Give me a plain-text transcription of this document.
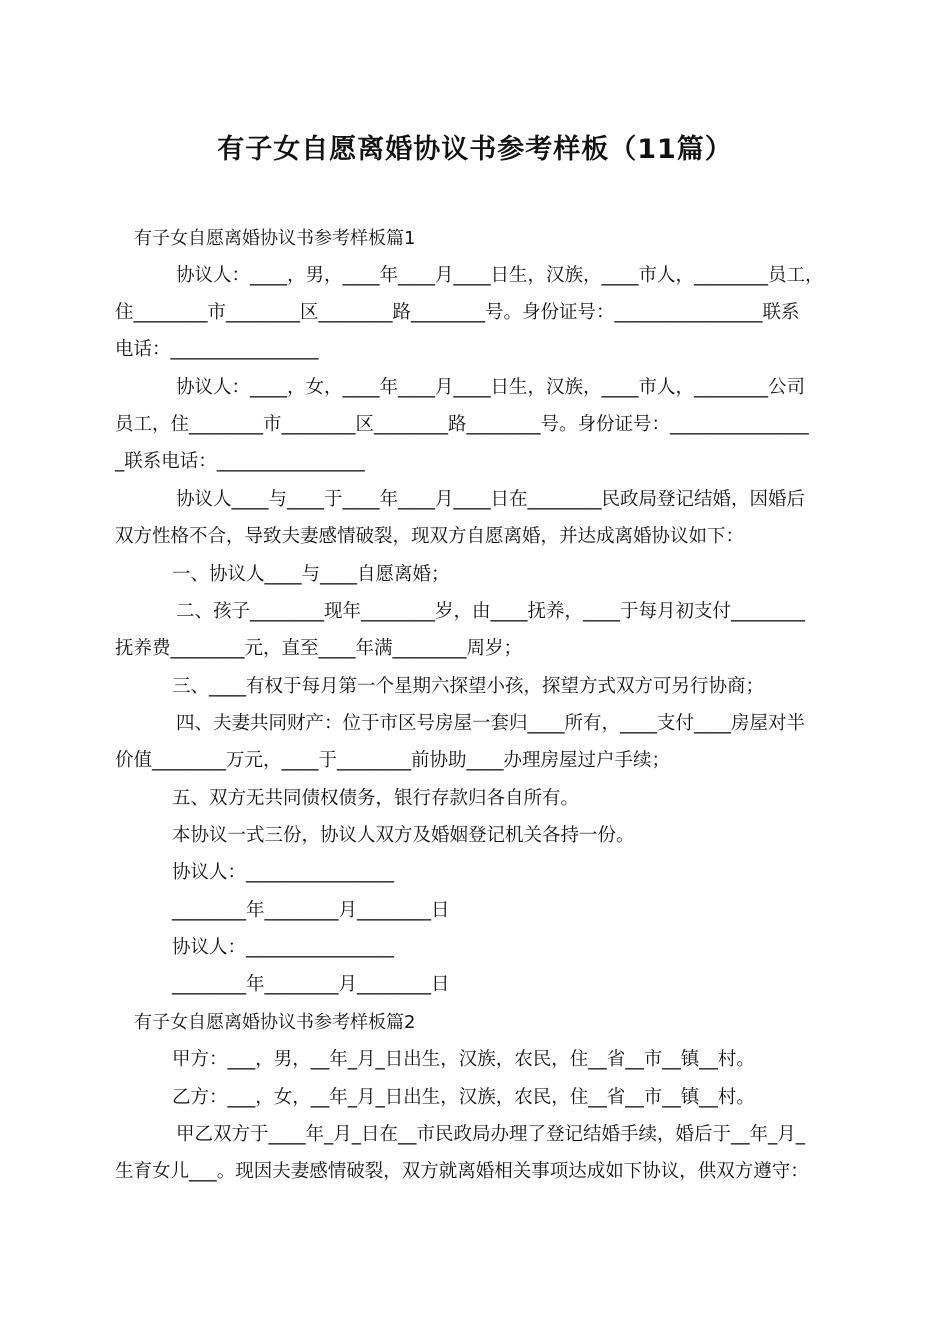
有子女自愿离婚协议书参考样板（11篇）
有子女自愿离婚协议书参考样板篇1
协议人：____，男，____年____月____日生，汉族，____市人，________员工，
住________市________区________路________号。身份证号：________________联系
电话：________________
协议人：____，女，____年____月____日生，汉族，____市人，________公司
员工，住________市________区________路________号。身份证号：_______________
_联系电话：________________
协议人____与____于____年____月____日在________民政局登记结婚，因婚后
双方性格不合，导致夫妻感情破裂，现双方自愿离婚，并达成离婚协议如下：
一、协议人____与____自愿离婚；
二、孩子________现年________岁，由____抚养，____于每月初支付________
抚养费________元，直至____年满________周岁；
三、____有权于每月第一个星期六探望小孩，探望方式双方可另行协商；
四、夫妻共同财产：位于市区号房屋一套归____所有，____支付____房屋对半
价值________万元，____于________前协助____办理房屋过户手续；
五、双方无共同债权债务，银行存款归各自所有。
本协议一式三份，协议人双方及婚姻登记机关各持一份。
协议人：________________
________年________月________日
协议人：________________
________年________月________日
有子女自愿离婚协议书参考样板篇2
甲方：___，男，__年_月_日出生，汉族，农民，住__省__市__镇__村。
乙方：___，女，__年_月_日出生，汉族，农民，住__省__市__镇__村。
甲乙双方于____年_月_日在__市民政局办理了登记结婚手续，婚后于__年_月_
生育女儿___。现因夫妻感情破裂，双方就离婚相关事项达成如下协议，供双方遵守：
